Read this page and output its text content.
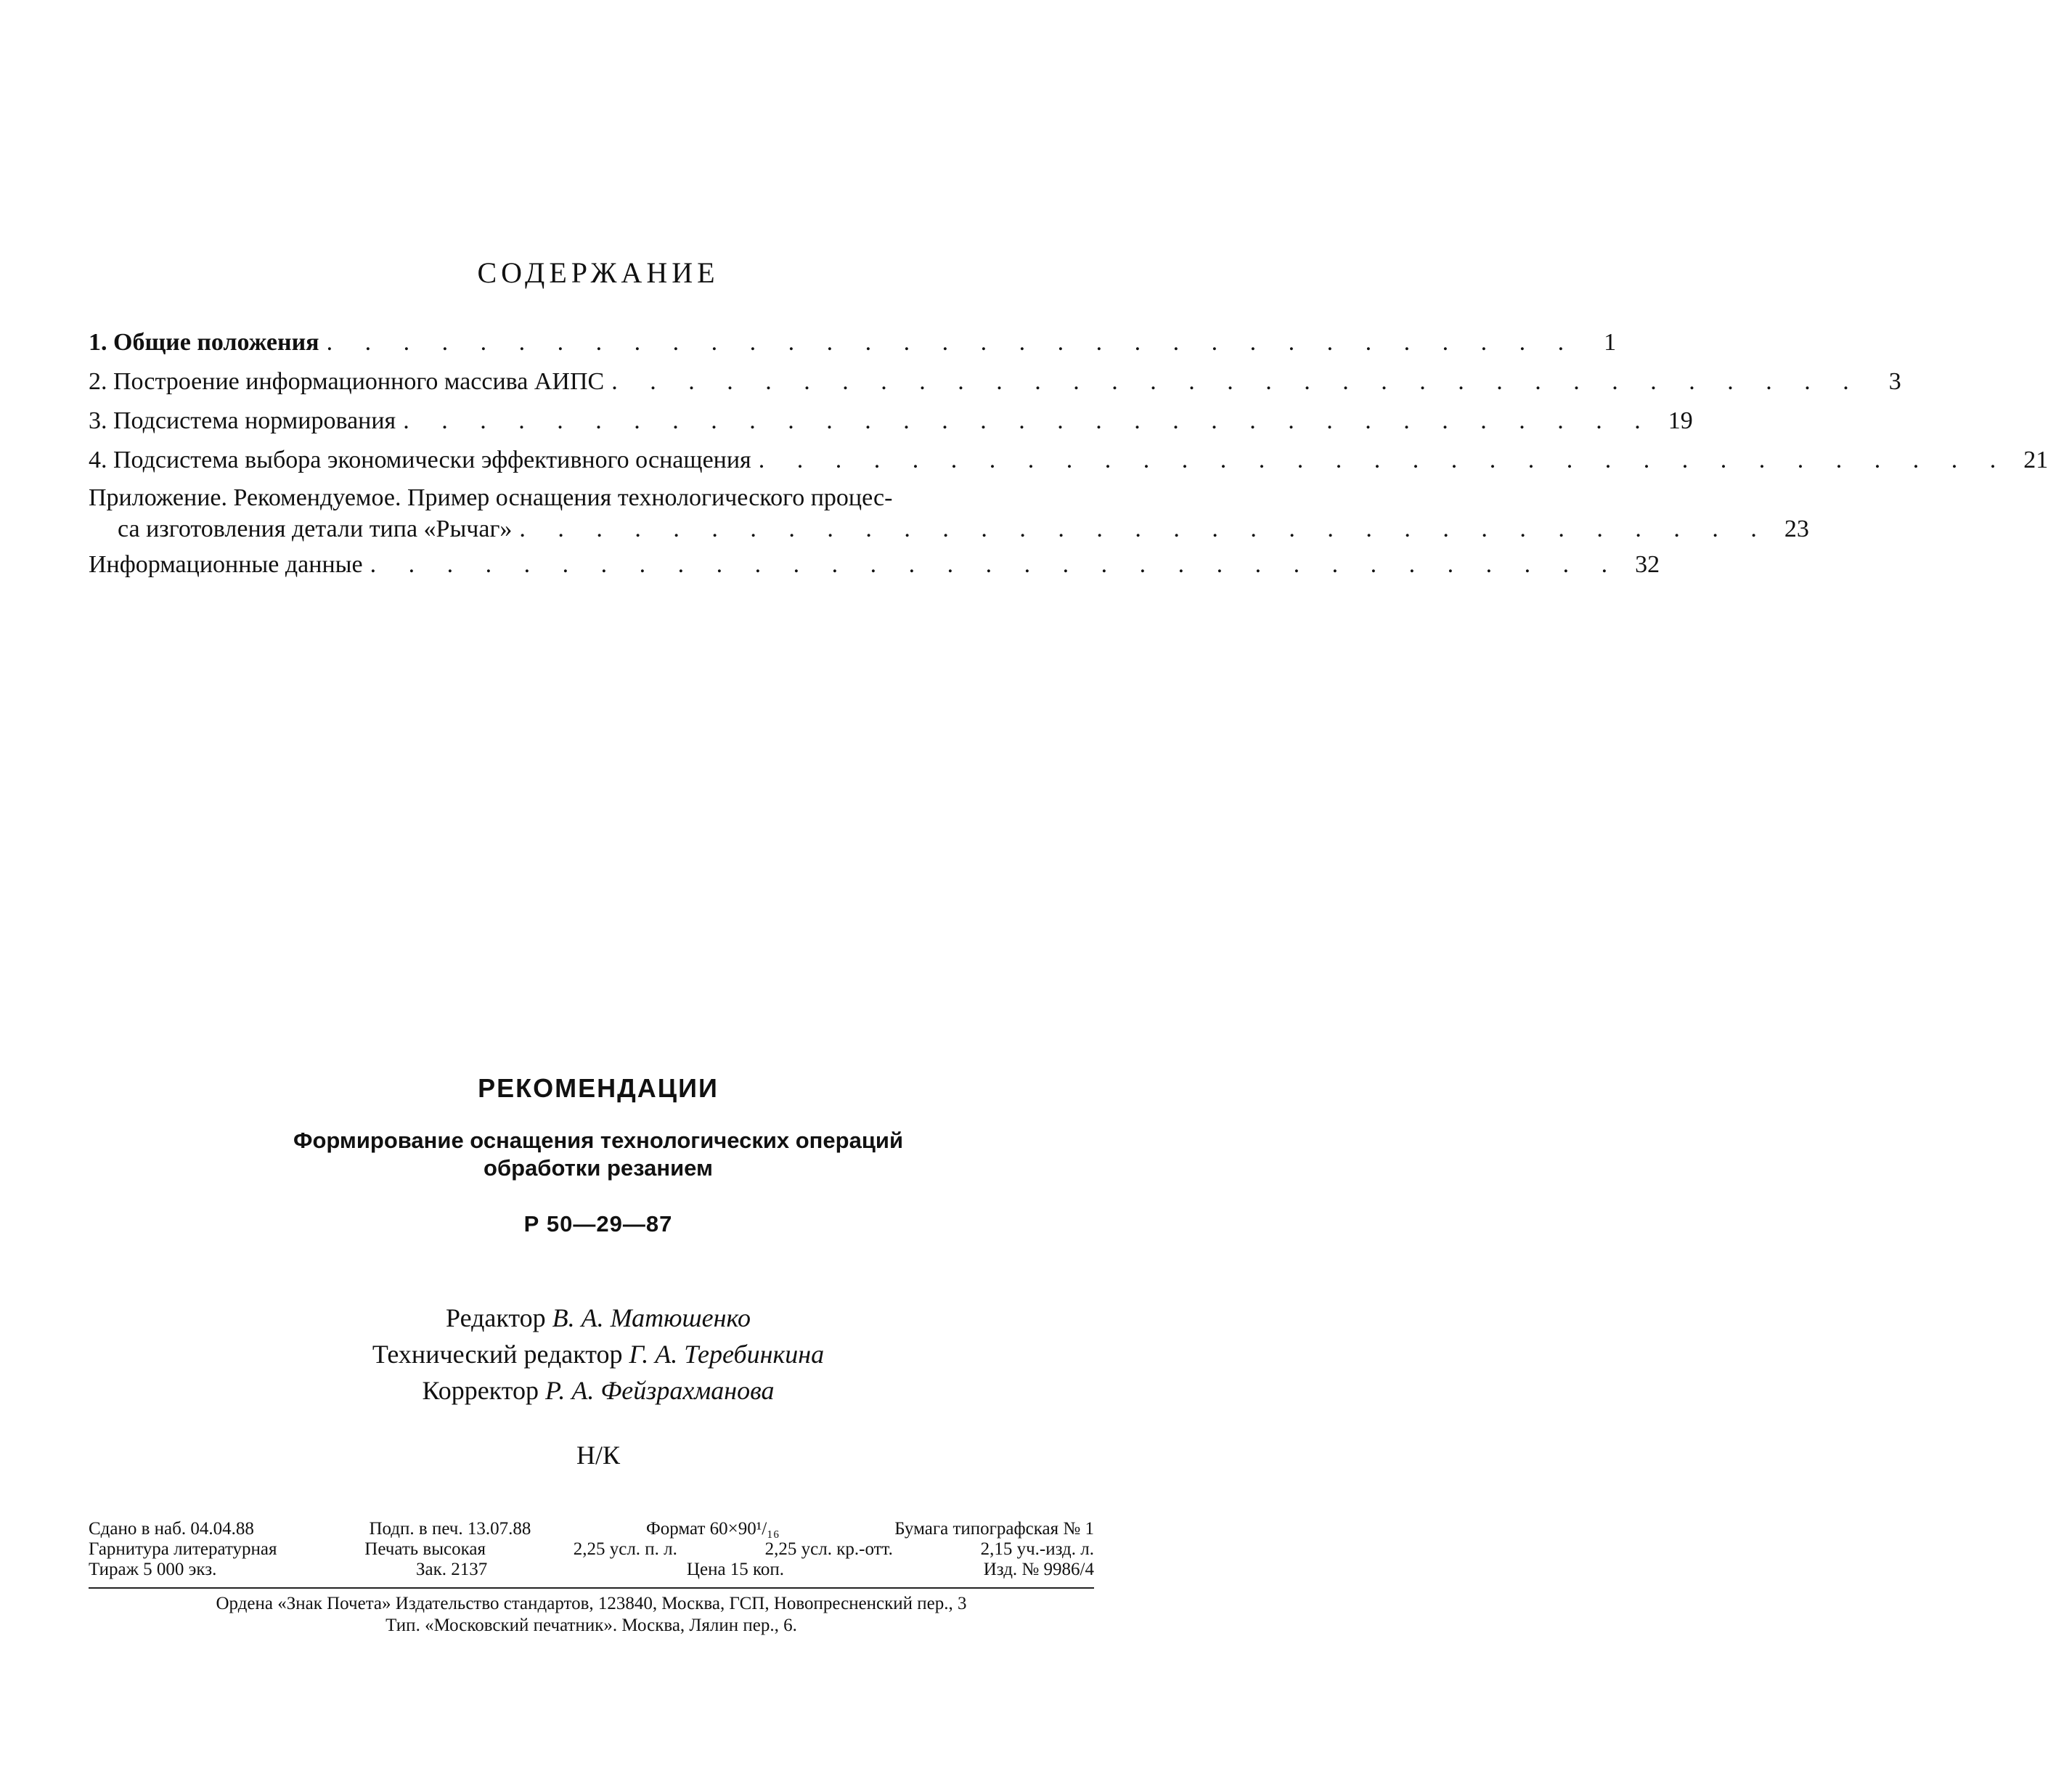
СОДЕРЖАНИЕ
1. Общие положения . . . . . . . . . . . . . . . . . . . . . . . . . . . . . . . . .	1
2. Построение информационного массива АИПС . . . . . . . . . . . . . . . . . . . . . . . . . . . . . . . . .	3
3. Подсистема нормирования . . . . . . . . . . . . . . . . . . . . . . . . . . . . . . . . . 19
4. Подсистема выбора экономически эффективного оснащения . . . . . . . . . . . . . . . . . . . . . . . . . . . . . . . . . 21
Приложение. Рекомендуемое. Пример оснащения технологического процес-
са изготовления детали типа «Рычаг» . . . . . . . . . . . . . . . . . . . . . . . . . . . . . . . . . 23
Информационные данные . . . . . . . . . . . . . . . . . . . . . . . . . . . . . . . . . 32
РЕКОМЕНДАЦИИ
Формирование оснащения технологических операций
обработки резанием
Р 50—29—87
Редактор В. А. Матюшенко
Технический редактор Г. А. Теребинкина
Корректор Р. А. Фейзрахманова
Н/К
Сдано в наб. 04.04.88	Подп. в печ. 13.07.88	Формат 60×90¹/₁₆	Бумага типографская № 1
Гарнитура литературная	Печать высокая	2,25 усл. п. л.	2,25 усл. кр.-отт.	2,15 уч.-изд. л.
Тираж 5 000 экз.	Зак. 2137	Цена 15 коп.	Изд. № 9986/4
Ордена «Знак Почета» Издательство стандартов, 123840, Москва, ГСП, Новопресненский пер., 3
Тип. «Московский печатник». Москва, Лялин пер., 6.
